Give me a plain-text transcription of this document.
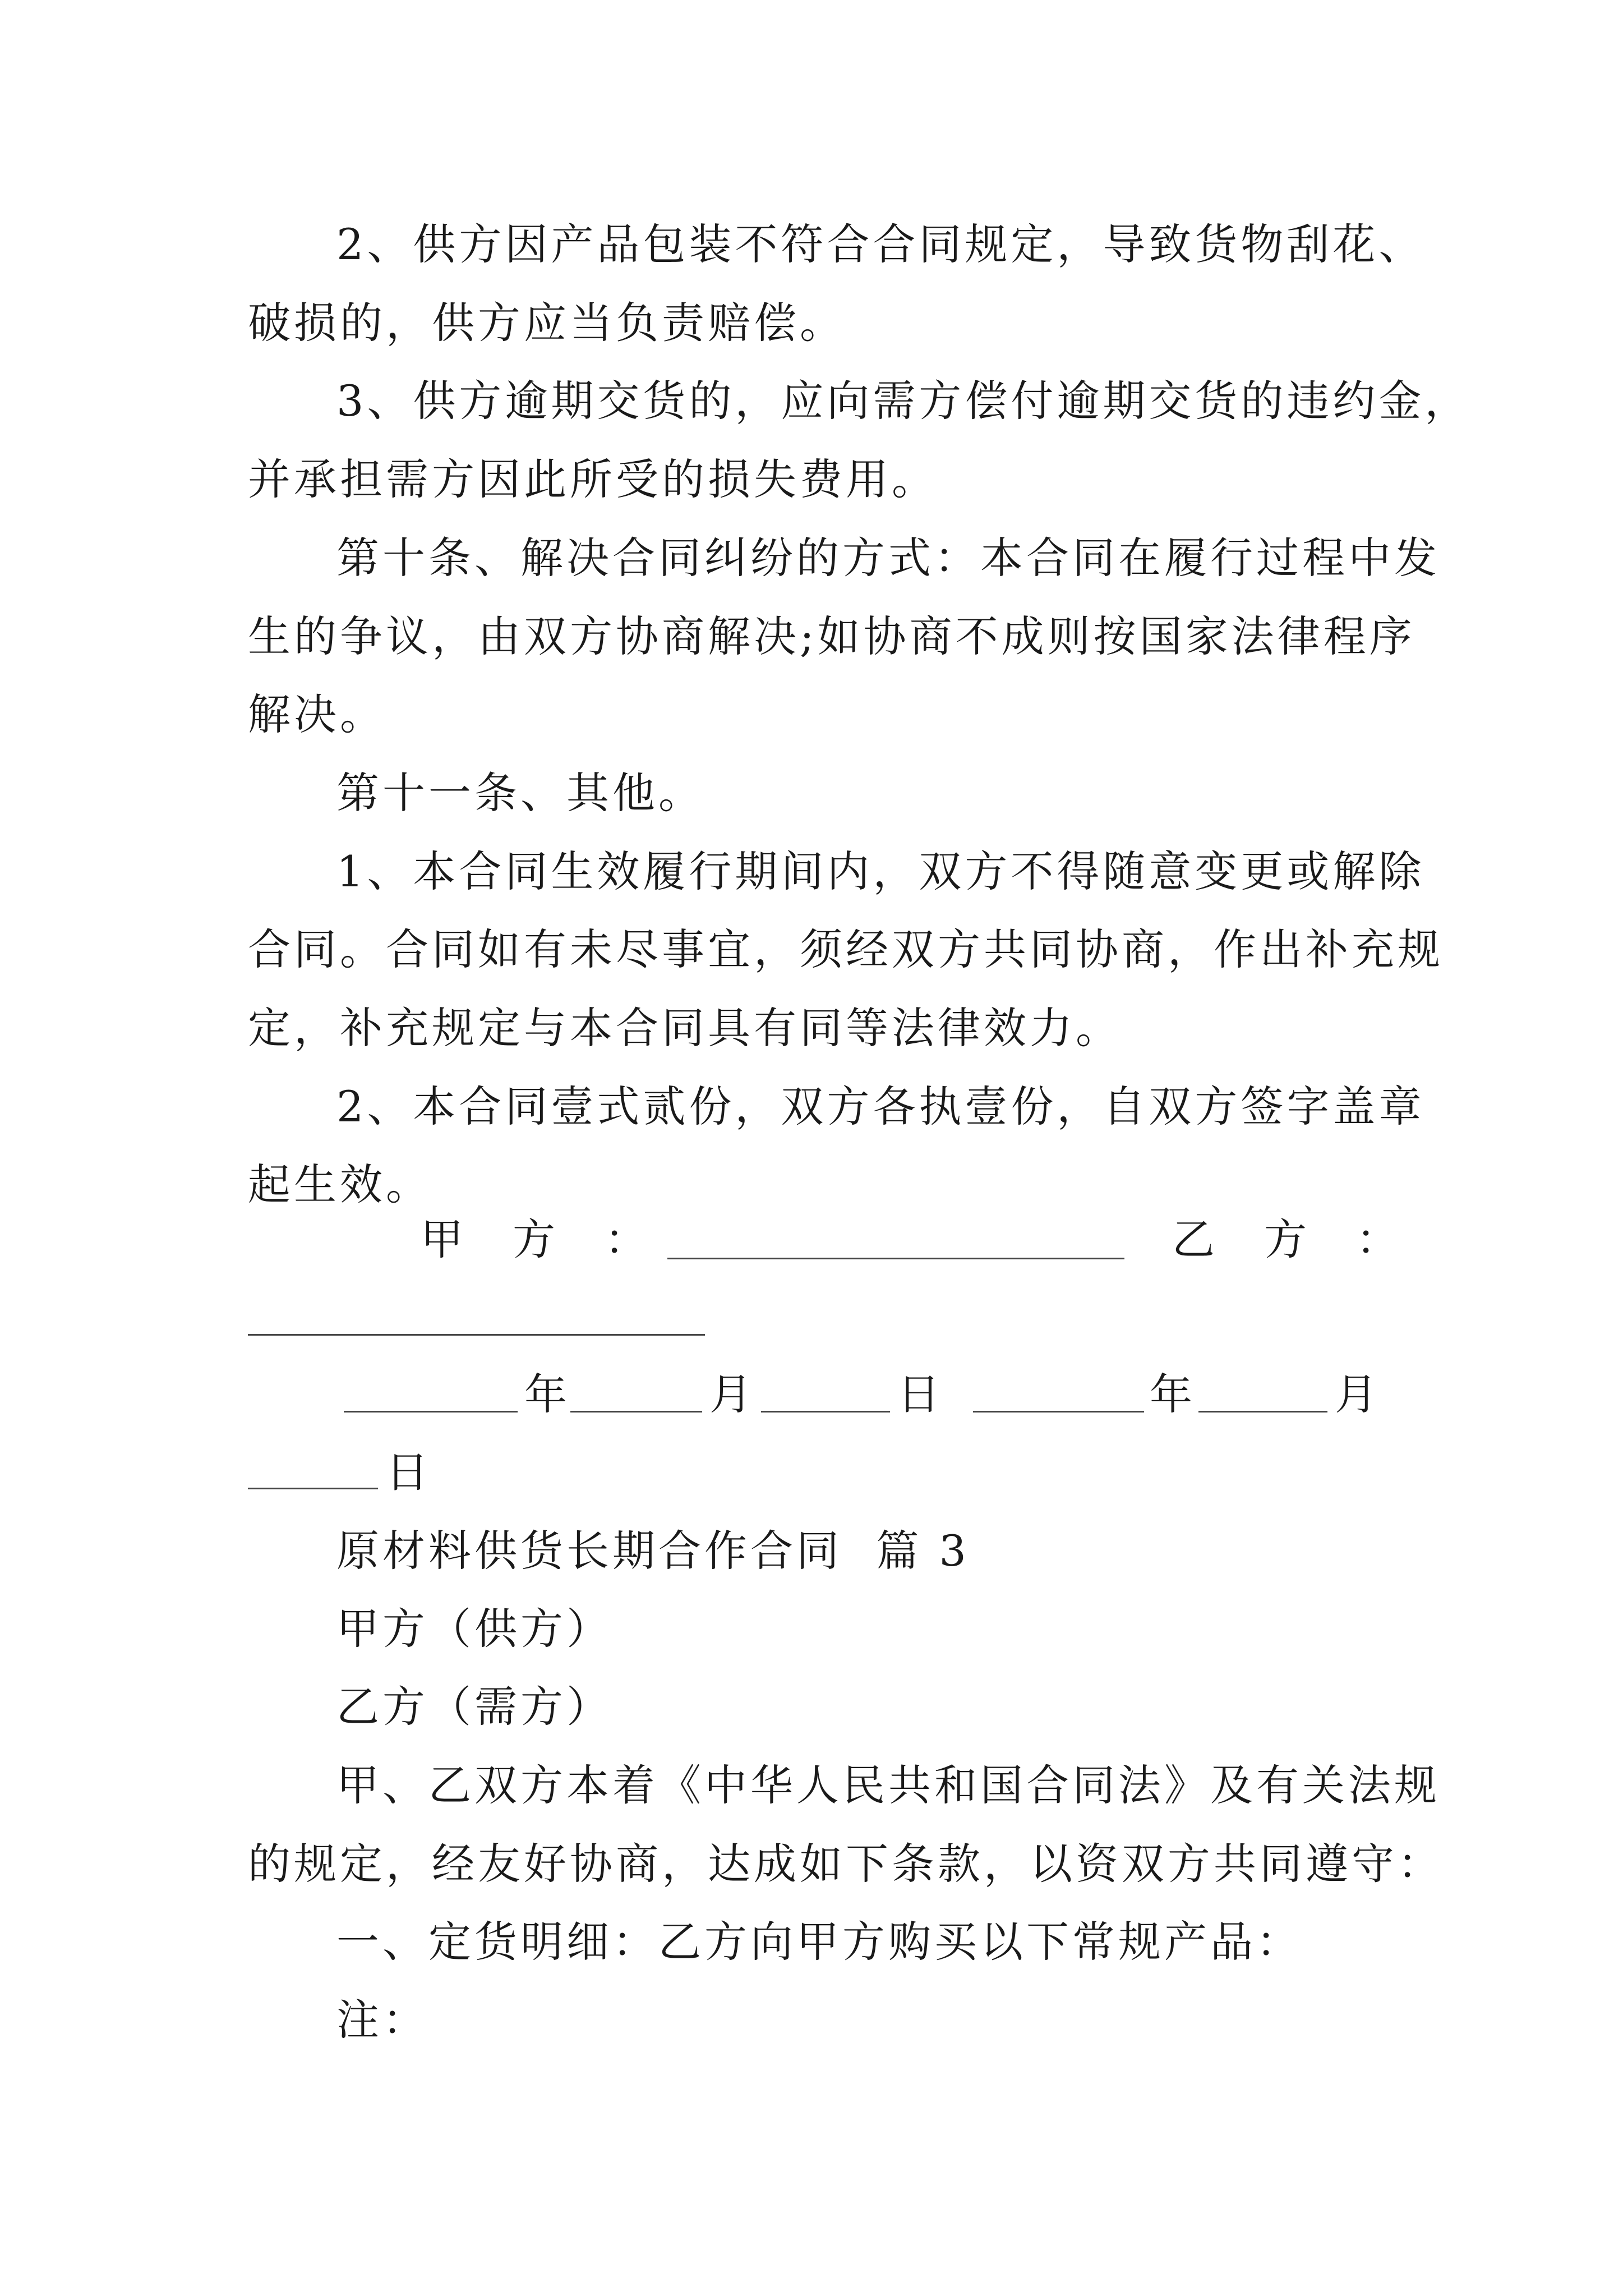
2、供方因产品包装不符合合同规定，导致货物刮花、

破损的，供方应当负责赔偿。

3、供方逾期交货的，应向需方偿付逾期交货的违约金，

并承担需方因此所受的损失费用。

第十条、解决合同纠纷的方式：本合同在履行过程中发

生的争议，由双方协商解决;如协商不成则按国家法律程序

解决。

第十一条、其他。

1、本合同生效履行期间内，双方不得随意变更或解除

合同。合同如有未尽事宜，须经双方共同协商，作出补充规

定，补充规定与本合同具有同等法律效力。

2、本合同壹式贰份，双方各执壹份，自双方签字盖章

起生效。

甲　方　：	乙　方　：
年	月	日	年	月
日

原材料供货长期合作合同  篇 3

甲方（供方）

乙方（需方）

甲、乙双方本着《中华人民共和国合同法》及有关法规

的规定，经友好协商，达成如下条款，以资双方共同遵守：

一、定货明细：乙方向甲方购买以下常规产品：

注：
